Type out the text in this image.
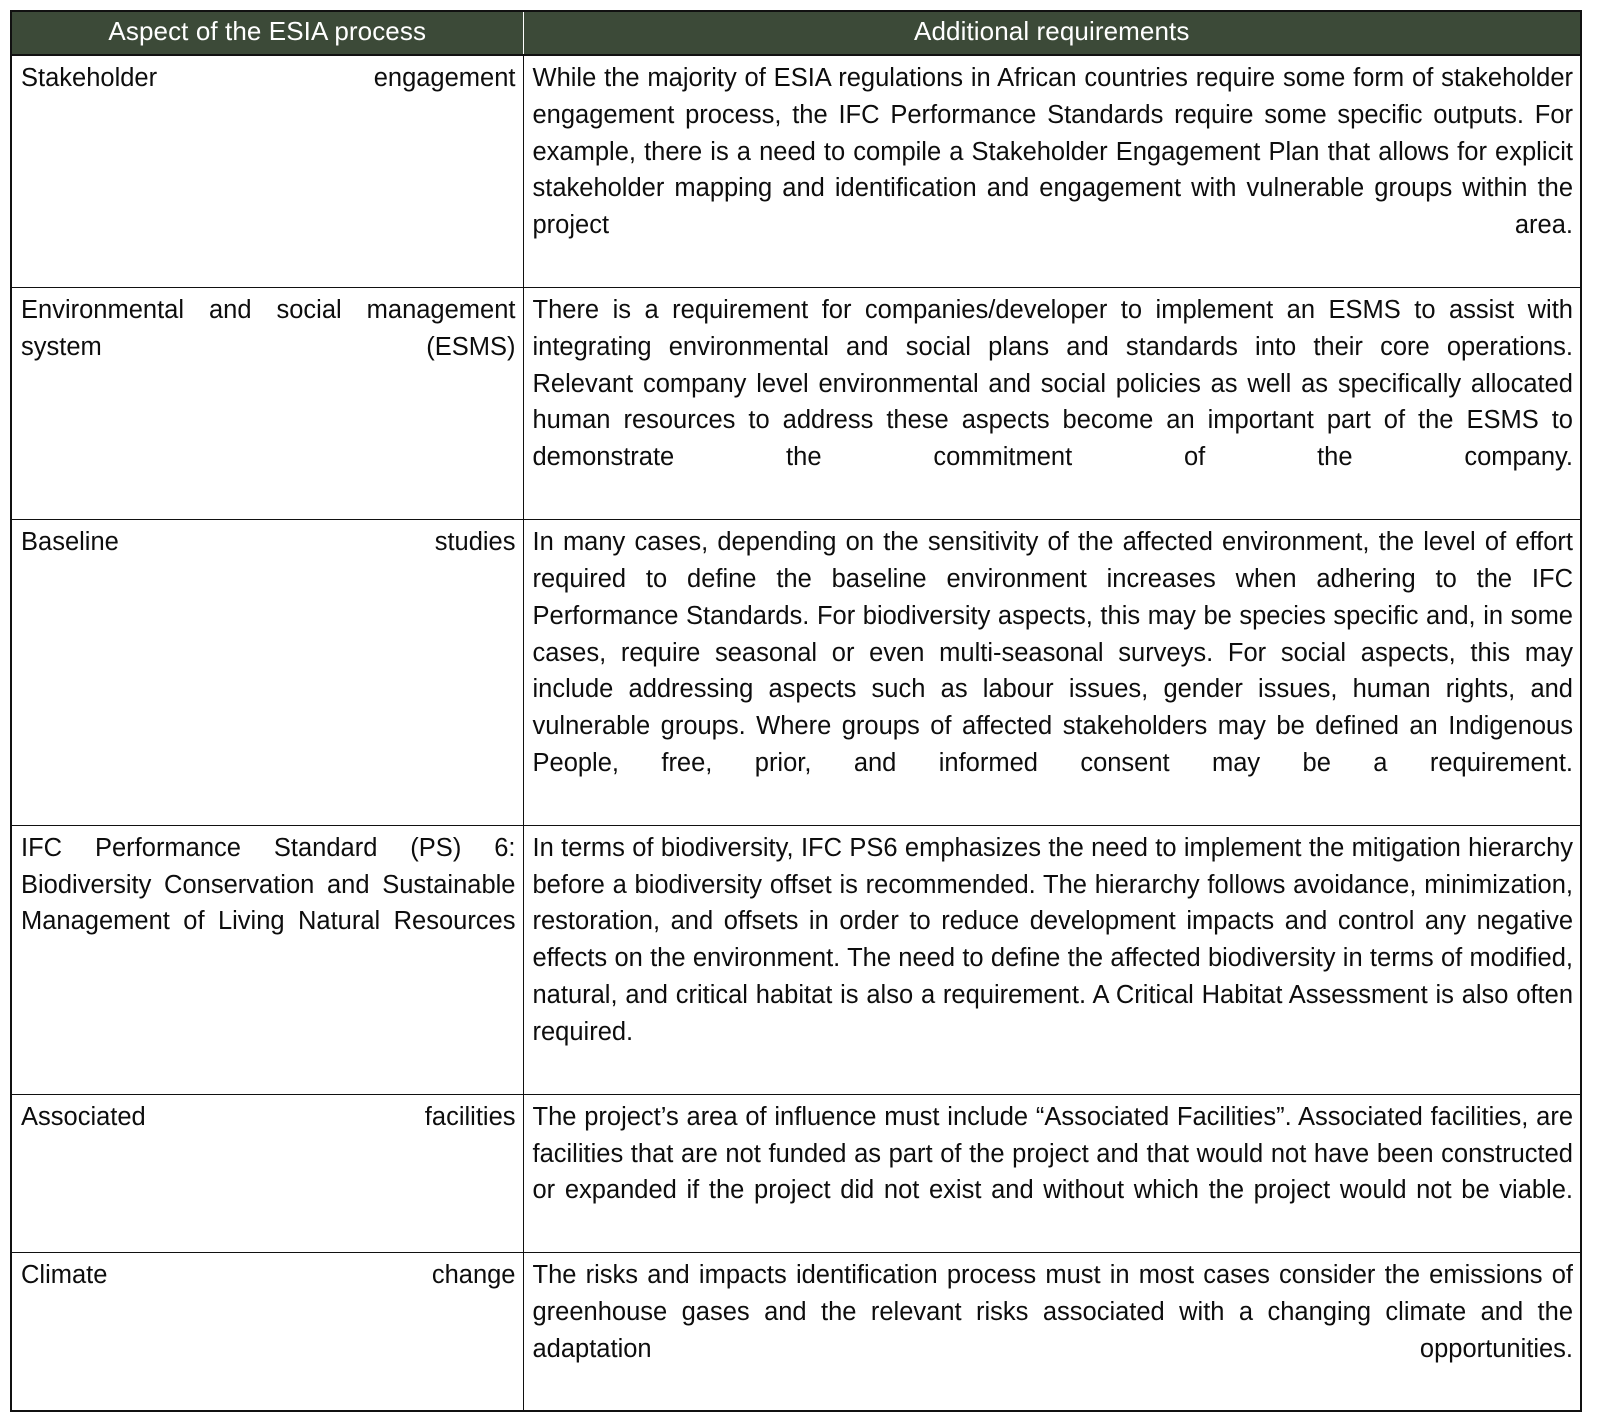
Aspect of the ESIA process	Additional requirements

Stakeholder engagement	While the majority of ESIA regulations in African countries require some form of stakeholder engagement process, the IFC Performance Standards require some specific outputs. For example, there is a need to compile a Stakeholder Engagement Plan that allows for explicit stakeholder mapping and identification and engagement with vulnerable groups within the project area.

Environmental and social management system (ESMS)	There is a requirement for companies/developer to implement an ESMS to assist with integrating environmental and social plans and standards into their core operations. Relevant company level environmental and social policies as well as specifically allocated human resources to address these aspects become an important part of the ESMS to demonstrate the commitment of the company.

Baseline studies	In many cases, depending on the sensitivity of the affected environment, the level of effort required to define the baseline environment increases when adhering to the IFC Performance Standards. For biodiversity aspects, this may be species specific and, in some cases, require seasonal or even multi-seasonal surveys. For social aspects, this may include addressing aspects such as labour issues, gender issues, human rights, and vulnerable groups. Where groups of affected stakeholders may be defined an Indigenous People, free, prior, and informed consent may be a requirement.

IFC Performance Standard (PS) 6: Biodiversity Conservation and Sustainable Management of Living Natural Resources	In terms of biodiversity, IFC PS6 emphasizes the need to implement the mitigation hierarchy before a biodiversity offset is recommended. The hierarchy follows avoidance, minimization, restoration, and offsets in order to reduce development impacts and control any negative effects on the environment. The need to define the affected biodiversity in terms of modified, natural, and critical habitat is also a requirement. A Critical Habitat Assessment is also often required.

Associated facilities	The project’s area of influence must include “Associated Facilities”. Associated facilities, are facilities that are not funded as part of the project and that would not have been constructed or expanded if the project did not exist and without which the project would not be viable.

Climate change	The risks and impacts identification process must in most cases consider the emissions of greenhouse gases and the relevant risks associated with a changing climate and the adaptation opportunities.
